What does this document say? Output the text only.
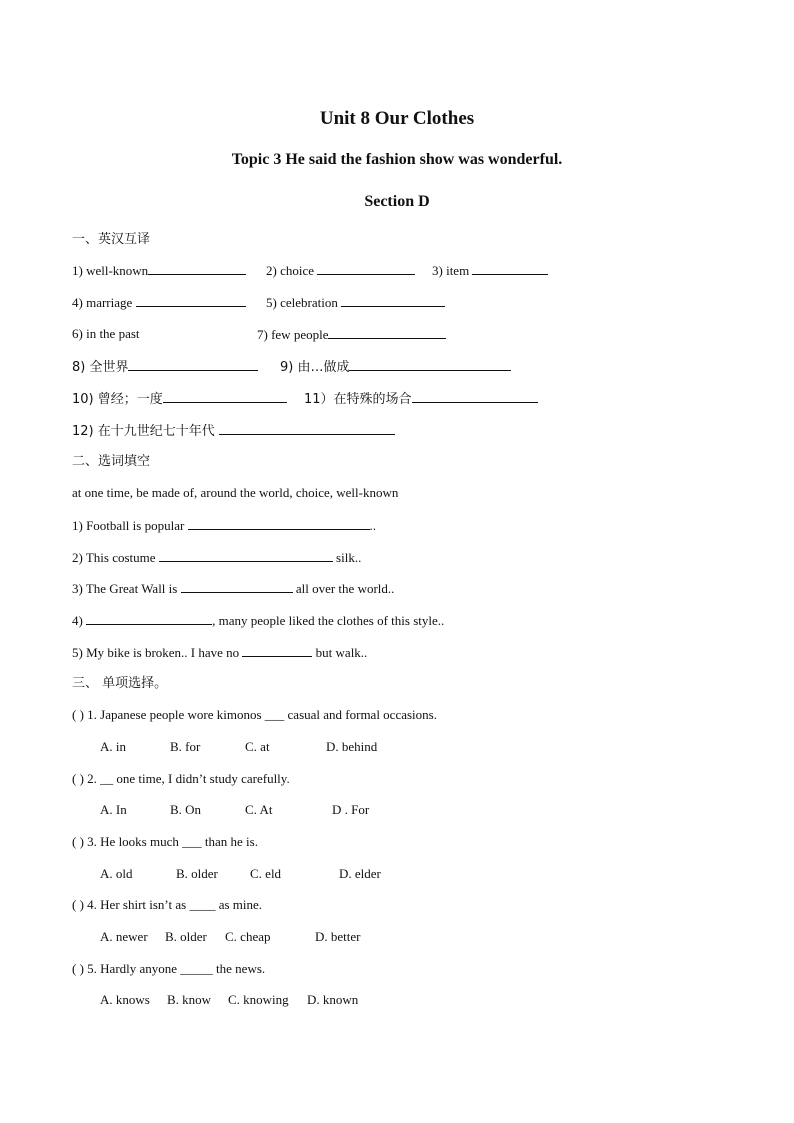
Unit 8 Our Clothes
Topic 3 He said the fashion show was wonderful.
Section D
一、英汉互译
1) well-known	2) choice	3) item
4) marriage	5) celebration
6) in the past	7) few people
8) 全世界	9) 由…做成
10) 曾经；一度	11）在特殊的场合
12) 在十九世纪七十年代
二、选词填空
at one time, be made of, around the world, choice, well-known
1) Football is popular	..
2) This costume	silk..
3) The Great Wall is	all over the world..
4)	, many people liked the clothes of this style..
5) My bike is broken.. I have no	but walk..
三、 单项选择。
( ) 1. Japanese people wore kimonos ___ casual and formal occasions.
A. in	B. for	C. at	D. behind
( ) 2. __ one time, I didn’t study carefully.
A. In	B. On	C. At	D . For
( ) 3. He looks much ___ than he is.
A. old	B. older C. eld	D. elder
( ) 4. Her shirt isn’t as ____ as mine.
A. newer B. older C. cheap	D. better
( ) 5. Hardly anyone _____ the news.
A. knows B. know C. knowing D. known
